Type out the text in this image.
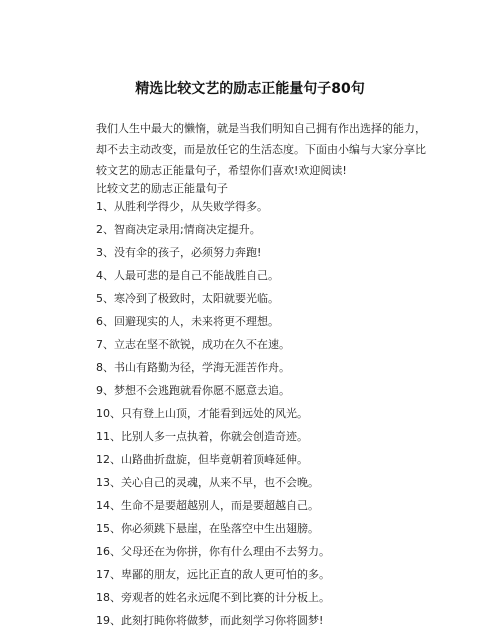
精选比较文艺的励志正能量句子80句

我们人生中最大的懒惰，就是当我们明知自己拥有作出选择的能力，却不去主动改变，而是放任它的生活态度。下面由小编与大家分享比较文艺的励志正能量句子，希望你们喜欢!欢迎阅读!

比较文艺的励志正能量句子
1、从胜利学得少，从失败学得多。
2、智商决定录用;情商决定提升。
3、没有伞的孩子，必须努力奔跑!
4、人最可悲的是自己不能战胜自己。
5、寒冷到了极致时，太阳就要光临。
6、回避现实的人，未来将更不理想。
7、立志在坚不欲锐，成功在久不在速。
8、书山有路勤为径，学海无涯苦作舟。
9、梦想不会逃跑就看你愿不愿意去追。
10、只有登上山顶，才能看到远处的风光。
11、比别人多一点执着，你就会创造奇迹。
12、山路曲折盘旋，但毕竟朝着顶峰延伸。
13、关心自己的灵魂，从来不早，也不会晚。
14、生命不是要超越别人，而是要超越自己。
15、你必须跳下悬崖，在坠落空中生出翅膀。
16、父母还在为你拼，你有什么理由不去努力。
17、卑鄙的朋友，远比正直的敌人更可怕的多。
18、旁观者的姓名永远爬不到比赛的计分板上。
19、此刻打盹你将做梦，而此刻学习你将圆梦!
